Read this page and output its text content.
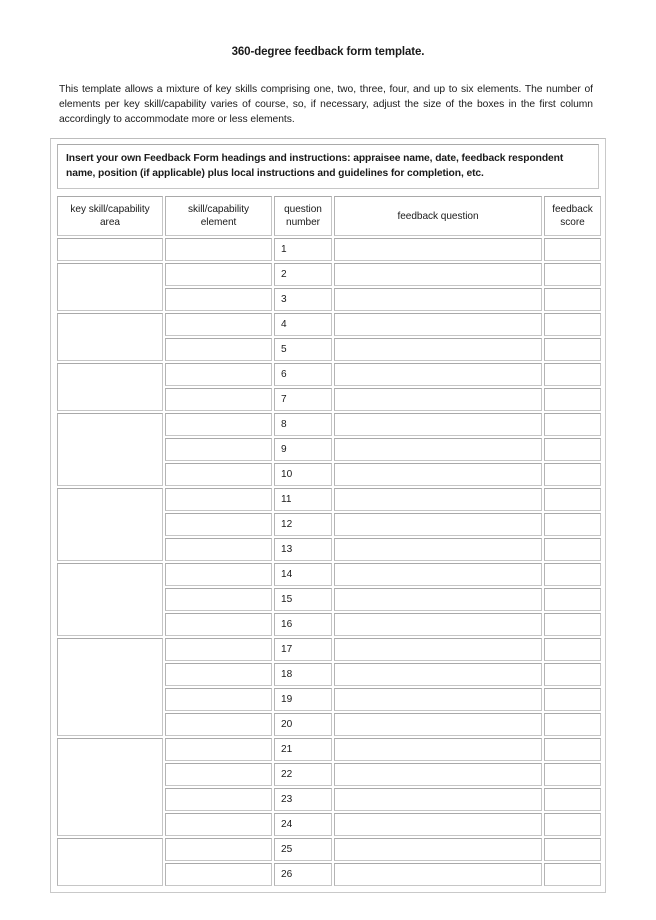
360-degree feedback form template.
This template allows a mixture of key skills comprising one, two, three, four, and up to six elements. The number of elements per key skill/capability varies of course, so, if necessary, adjust the size of the boxes in the first column accordingly to accommodate more or less elements.
Insert your own Feedback Form headings and instructions: appraisee name, date, feedback respondent name, position (if applicable) plus local instructions and guidelines for completion, etc.
key skill/capability
area
skill/capability
element
question
number
feedback question
feedback
score
1
2
3
4
5
6
7
8
9
10
11
12
13
14
15
16
17
18
19
20
21
22
23
24
25
26
